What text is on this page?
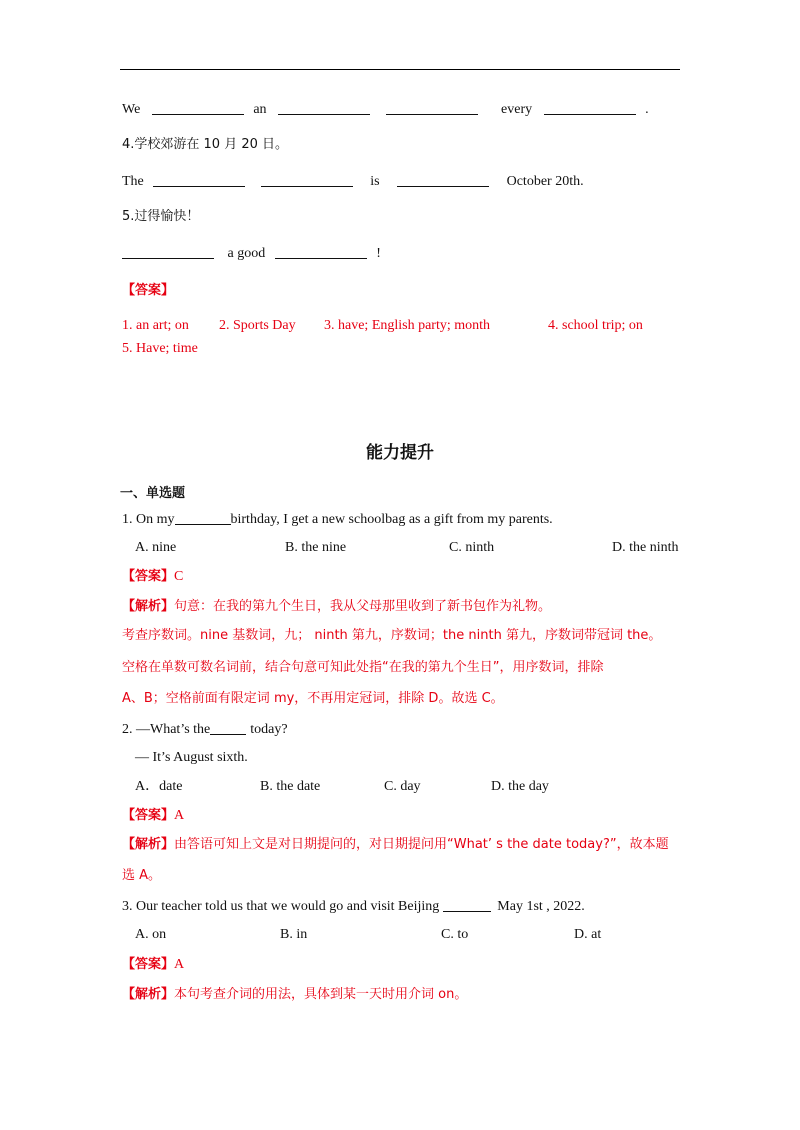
We	an	every	.
4.学校郊游在 10 月 20 日。
The	is	October 20th.
5.过得愉快！
a good	!
【答案】
1. an art; on 2. Sports Day 3. have; English party; month	4. school trip; on
5. Have; time
能力提升
一、单选题
1. On my	birthday, I get a new schoolbag as a gift from my parents.
A. nine	B. the nine	C. ninth	D. the ninth
【答案】C
【解析】句意：在我的第九个生日，我从父母那里收到了新书包作为礼物。
考查序数词。nine 基数词，九； ninth 第九，序数词；the ninth 第九，序数词带冠词 the。
空格在单数可数名词前，结合句意可知此处指“在我的第九个生日”，用序数词，排除
A、B；空格前面有限定词 my，不再用定冠词，排除 D。故选 C。
2. —What’s the	today?
— It’s August sixth.
A．date	B. the date	C. day	D. the day
【答案】A
【解析】由答语可知上文是对日期提问的，对日期提问用“What’ s the date today?”，故本题
选 A。
3. Our teacher told us that we would go and visit Beijing	May 1st , 2022.
A. on	B. in	C. to	D. at
【答案】A
【解析】本句考查介词的用法，具体到某一天时用介词 on。
